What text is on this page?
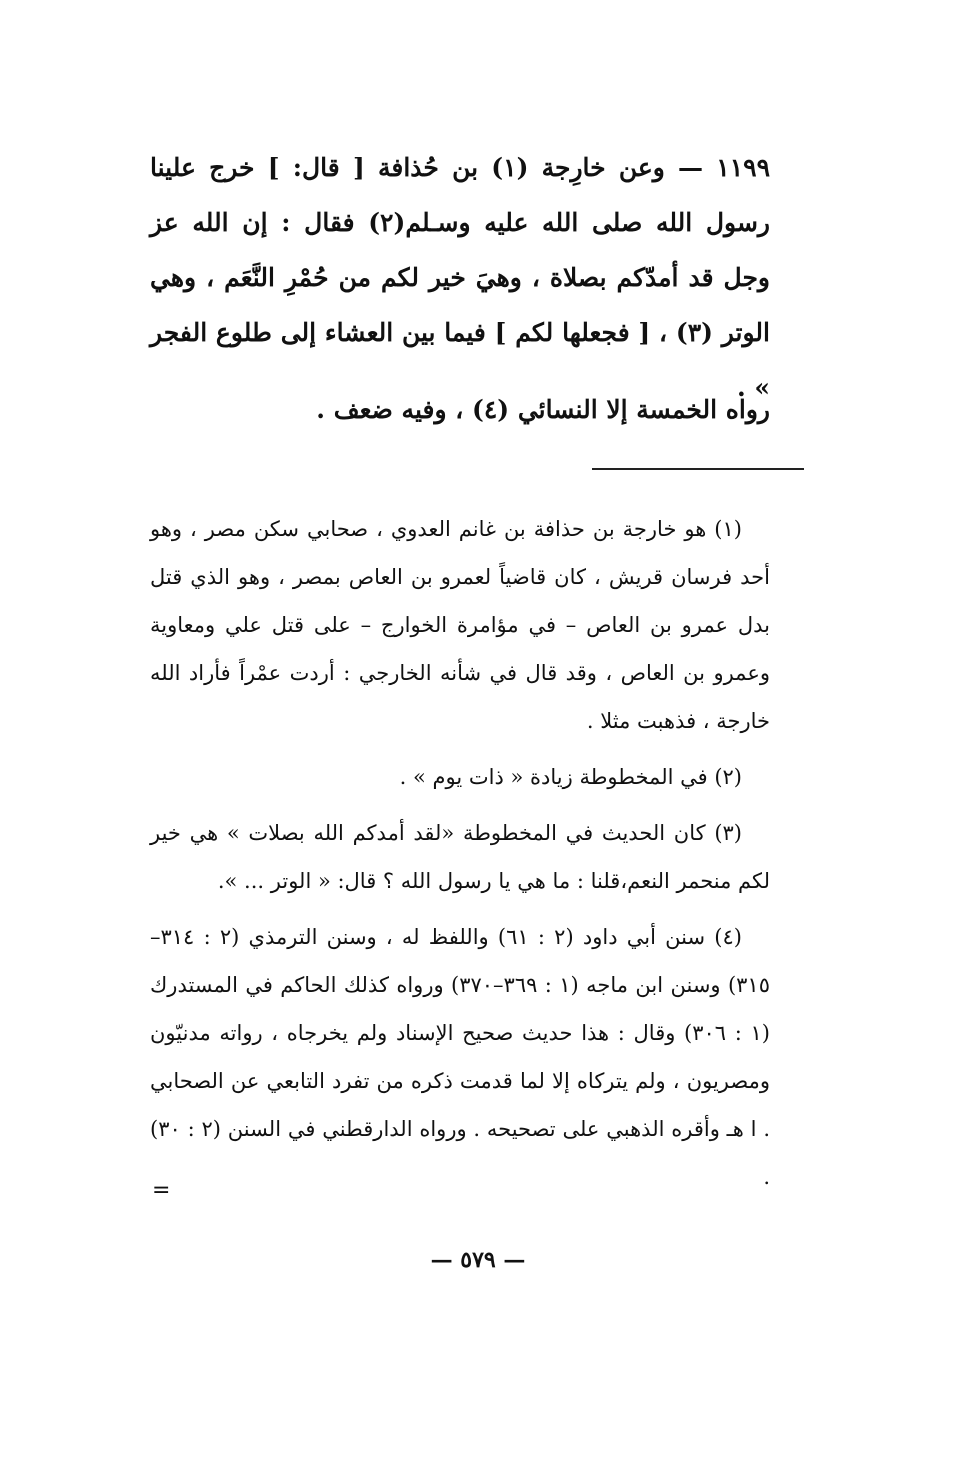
١١٩٩ — وعن خارِجة (١) بن حُذافة [ قال: ] خرج علينا رسول الله صلى الله عليه وسـلم(٢) فقال : إن الله عز وجل قد أمدّكم بصلاة ، وهيَ خير لكم من حُمْرِ النَّعَم ، وهي الوتر (٣) ، [ فجعلها لكم ] فيما بين العشاء إلى طلوع الفجر » .

رواه الخمسة إلا النسائي (٤) ، وفيه ضعف .

(١) هو خارجة بن حذافة بن غانم العدوي ، صحابي سكن مصر ، وهو أحد فرسان قريش ، كان قاضياً لعمرو بن العاص بمصر ، وهو الذي قتل بدل عمرو بن العاص – في مؤامرة الخوارج – على قتل علي ومعاوية وعمرو بن العاص ، وقد قال في شأنه الخارجي : أردت عمْراً فأراد الله خارجة ، فذهبت مثلا .

(٢) في المخطوطة زيادة « ذات يوم » .

(٣) كان الحديث في المخطوطة «لقد أمدكم الله بصلات » هي خير لكم منحمر النعم،قلنا : ما هي يا رسول الله ؟ قال: « الوتر ... ».

(٤) سنن أبي داود (٢ : ٦١) واللفظ له ، وسنن الترمذي (٢ : ٣١٤–٣١٥) وسنن ابن ماجه (١ : ٣٦٩–٣٧٠) ورواه كذلك الحاكم في المستدرك (١ : ٣٠٦) وقال : هذا حديث صحيح الإسناد ولم يخرجاه ، رواته مدنيّون ومصريون ، ولم يتركاه إلا لما قدمت ذكره من تفرد التابعي عن الصحابي . ا هـ وأقره الذهبي على تصحيحه . ورواه الدارقطني في السنن (٢ : ٣٠) .

=
— ٥٧٩ —
